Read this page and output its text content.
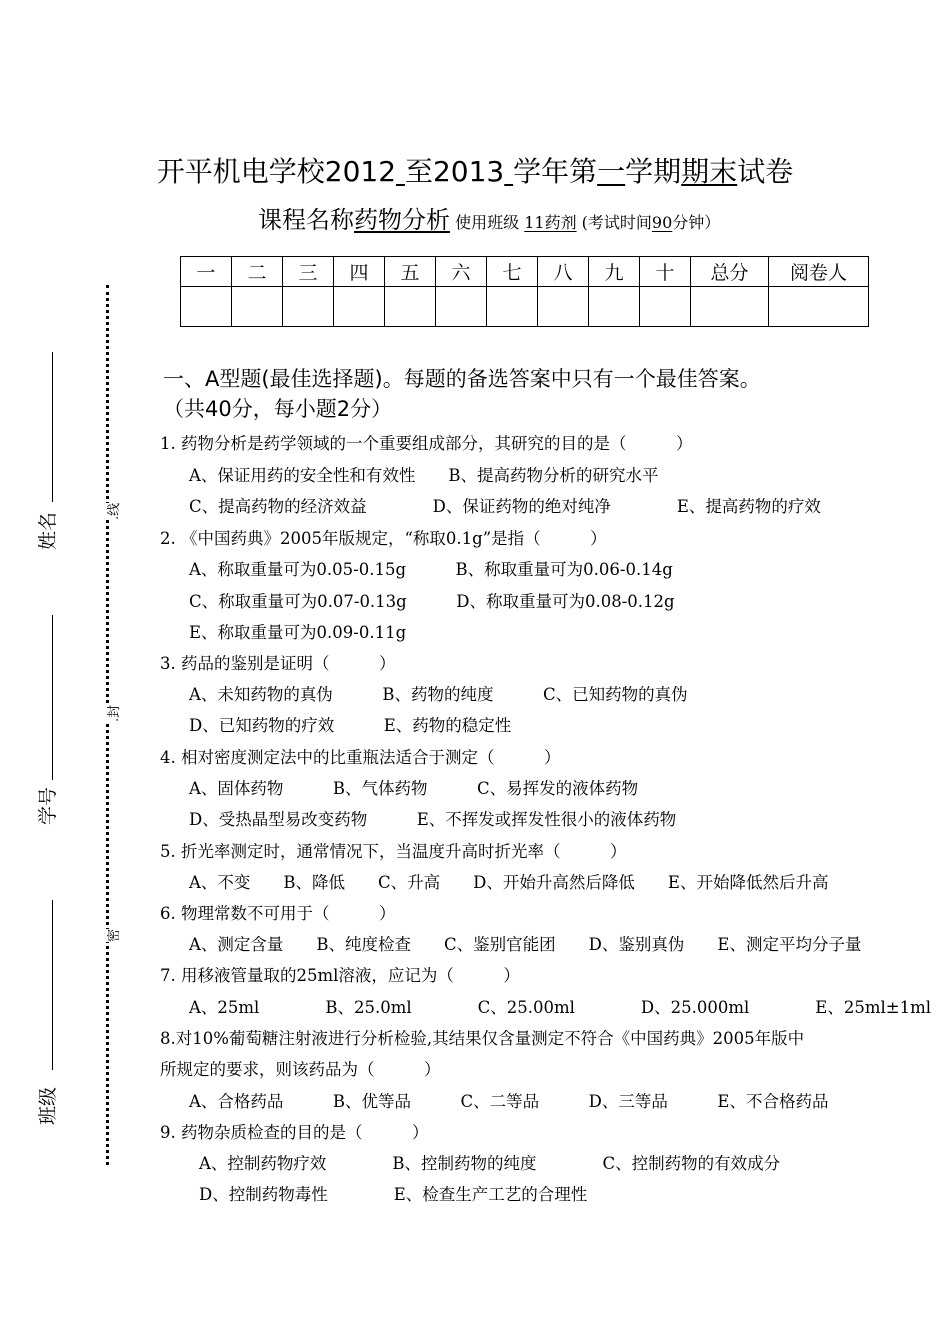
开平机电学校2012 至2013 学年第一学期期末试卷
课程名称药物分析 使用班级 11药剂 (考试时间90分钟）
一	二	三	四	五	六	七	八	九	十	总分	阅卷人

姓名
学号
班级
.线
.封
密
一、A型题(最佳选择题)。每题的备选答案中只有一个最佳答案。
（共40分，每小题2分）
1. 药物分析是药学领域的一个重要组成部分，其研究的目的是（　　　）
A、保证用药的安全性和有效性　　B、提高药物分析的研究水平
C、提高药物的经济效益　　　　D、保证药物的绝对纯净　　　　E、提高药物的疗效
2. 《中国药典》2005年版规定，“称取0.1g”是指（　　　）
A、称取重量可为0.05-0.15g　　　B、称取重量可为0.06-0.14g
C、称取重量可为0.07-0.13g　　　D、称取重量可为0.08-0.12g
E、称取重量可为0.09-0.11g
3. 药品的鉴别是证明（　　　）
A、未知药物的真伪　　　B、药物的纯度　　　C、已知药物的真伪
D、已知药物的疗效　　　E、药物的稳定性
4. 相对密度测定法中的比重瓶法适合于测定（　　　）
A、固体药物　　　B、气体药物　　　C、易挥发的液体药物
D、受热晶型易改变药物　　　E、不挥发或挥发性很小的液体药物
5. 折光率测定时，通常情况下，当温度升高时折光率（　　　）
A、不变　　B、降低　　C、升高　　D、开始升高然后降低　　E、开始降低然后升高
6. 物理常数不可用于（　　　）
A、测定含量　　B、纯度检查　　C、鉴别官能团　　D、鉴别真伪　　E、测定平均分子量
7. 用移液管量取的25ml溶液，应记为（　　　）
A、25ml　　　　B、25.0ml　　　　C、25.00ml　　　　D、25.000ml　　　　E、25ml±1ml
8.对10%葡萄糖注射液进行分析检验,其结果仅含量测定不符合《中国药典》2005年版中
所规定的要求，则该药品为（　　　）
A、合格药品　　　B、优等品　　　C、二等品　　　D、三等品　　　E、不合格药品
9. 药物杂质检查的目的是（　　　）
A、控制药物疗效　　　　B、控制药物的纯度　　　　C、控制药物的有效成分
D、控制药物毒性　　　　E、检查生产工艺的合理性
